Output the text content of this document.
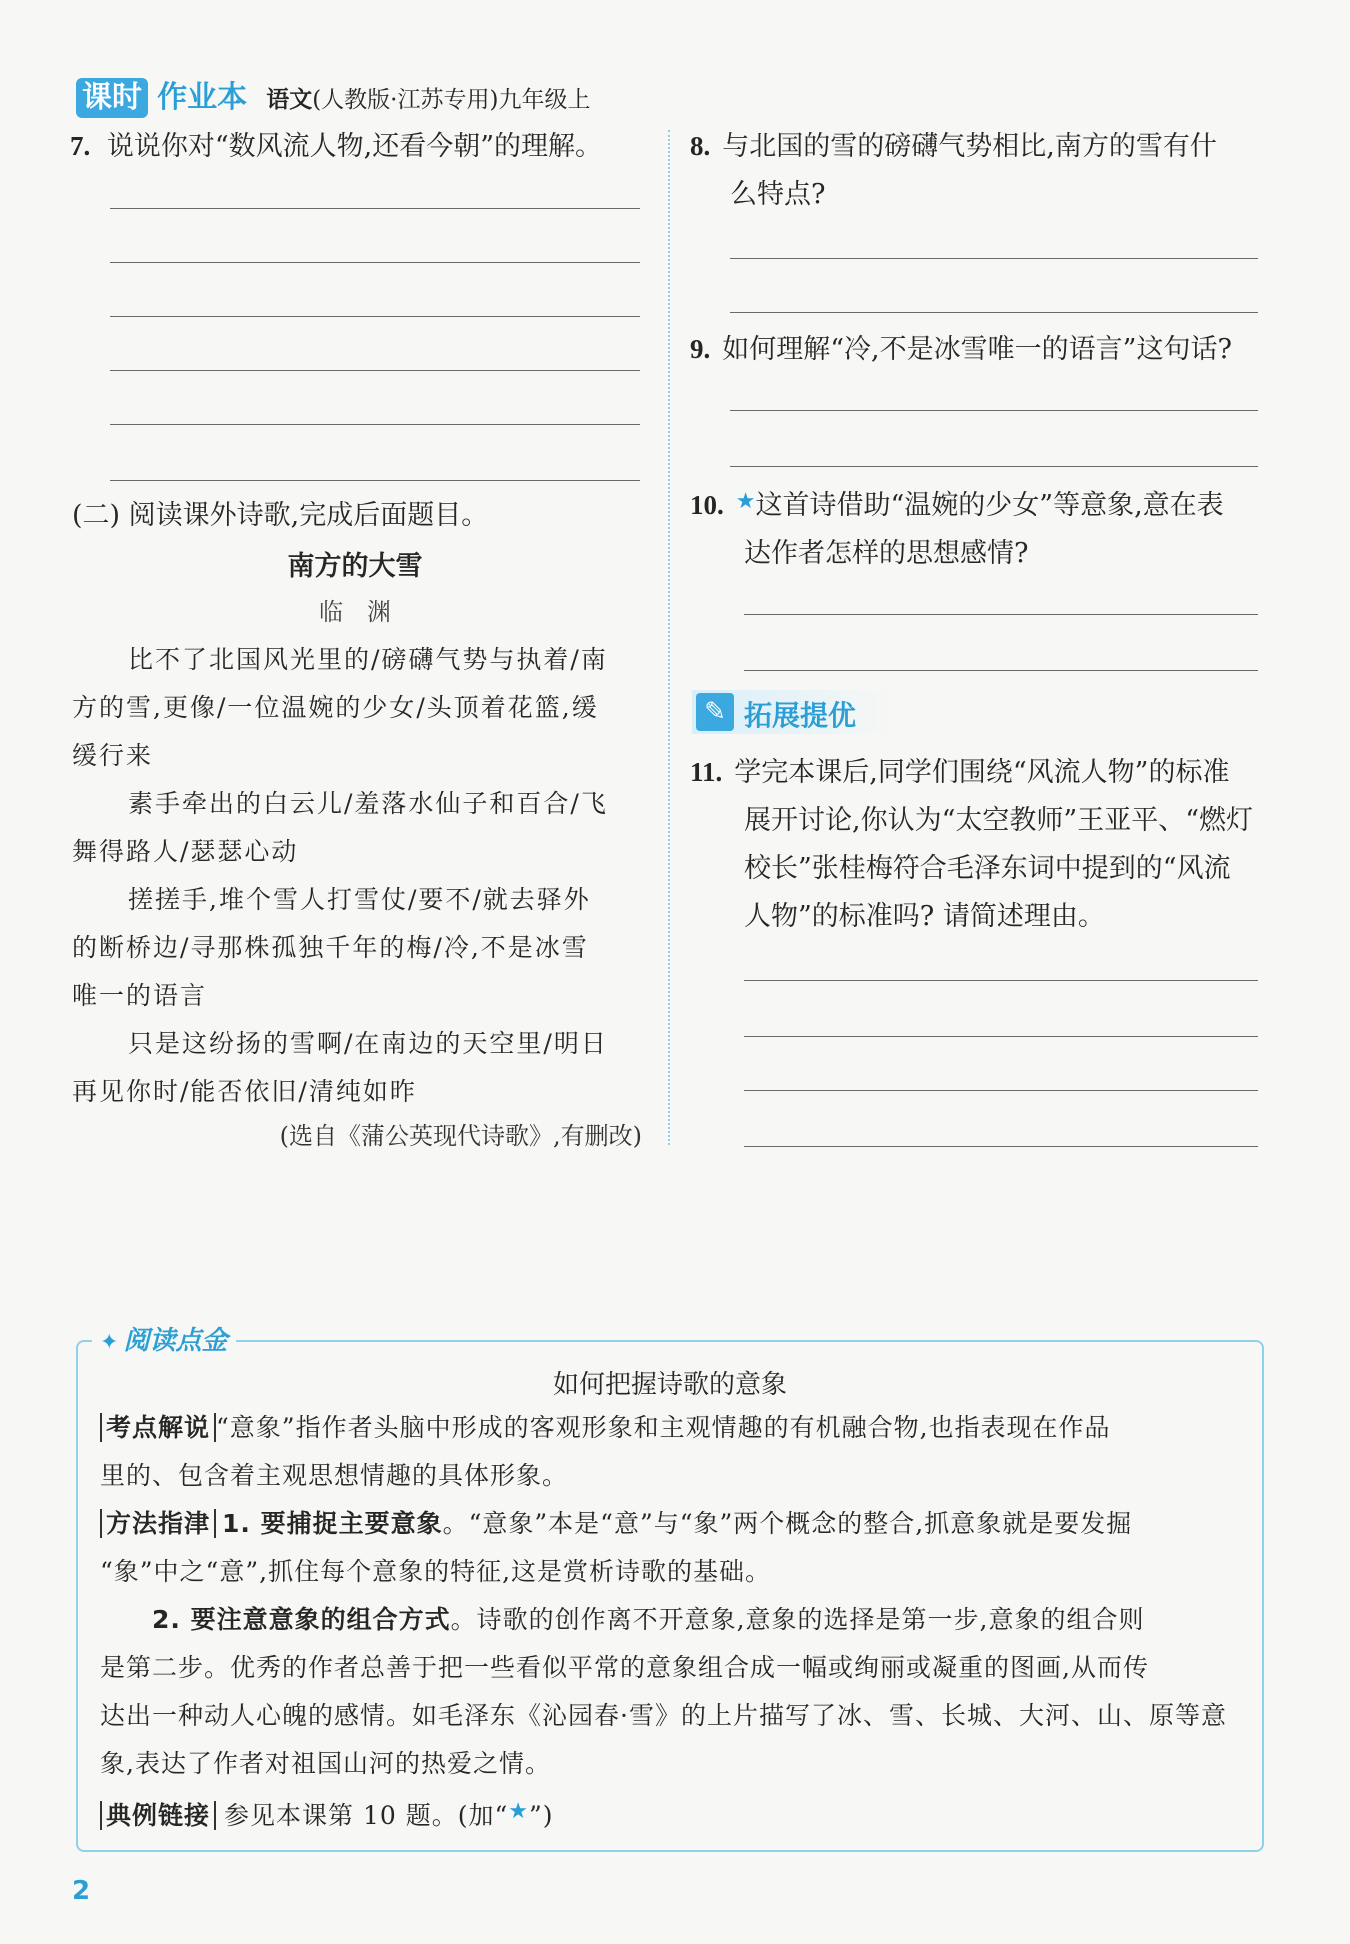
课时 作业本 语文(人教版·江苏专用)九年级上
7. 说说你对“数风流人物,还看今朝”的理解。
(二) 阅读课外诗歌,完成后面题目。
南方的大雪
临　渊
比不了北国风光里的/磅礴气势与执着/南
方的雪,更像/一位温婉的少女/头顶着花篮,缓
缓行来
素手牵出的白云儿/羞落水仙子和百合/飞
舞得路人/瑟瑟心动
搓搓手,堆个雪人打雪仗/要不/就去驿外
的断桥边/寻那株孤独千年的梅/冷,不是冰雪
唯一的语言
只是这纷扬的雪啊/在南边的天空里/明日
再见你时/能否依旧/清纯如昨
(选自《蒲公英现代诗歌》,有删改)
8. 与北国的雪的磅礴气势相比,南方的雪有什
么特点?
9. 如何理解“冷,不是冰雪唯一的语言”这句话?
10. ★这首诗借助“温婉的少女”等意象,意在表
达作者怎样的思想感情?
✎ 拓展提优
11. 学完本课后,同学们围绕“风流人物”的标准
展开讨论,你认为“太空教师”王亚平、“燃灯
校长”张桂梅符合毛泽东词中提到的“风流
人物”的标准吗? 请简述理由。
✦ 阅读点金
如何把握诗歌的意象
考点解说 “意象”指作者头脑中形成的客观形象和主观情趣的有机融合物,也指表现在作品
里的、包含着主观思想情趣的具体形象。
方法指津 1. 要捕捉主要意象。“意象”本是“意”与“象”两个概念的整合,抓意象就是要发掘
“象”中之“意”,抓住每个意象的特征,这是赏析诗歌的基础。
2. 要注意意象的组合方式。诗歌的创作离不开意象,意象的选择是第一步,意象的组合则
是第二步。优秀的作者总善于把一些看似平常的意象组合成一幅或绚丽或凝重的图画,从而传
达出一种动人心魄的感情。如毛泽东《沁园春·雪》的上片描写了冰、雪、长城、大河、山、原等意
象,表达了作者对祖国山河的热爱之情。
典例链接 参见本课第 10 题。(加“★”)
2
